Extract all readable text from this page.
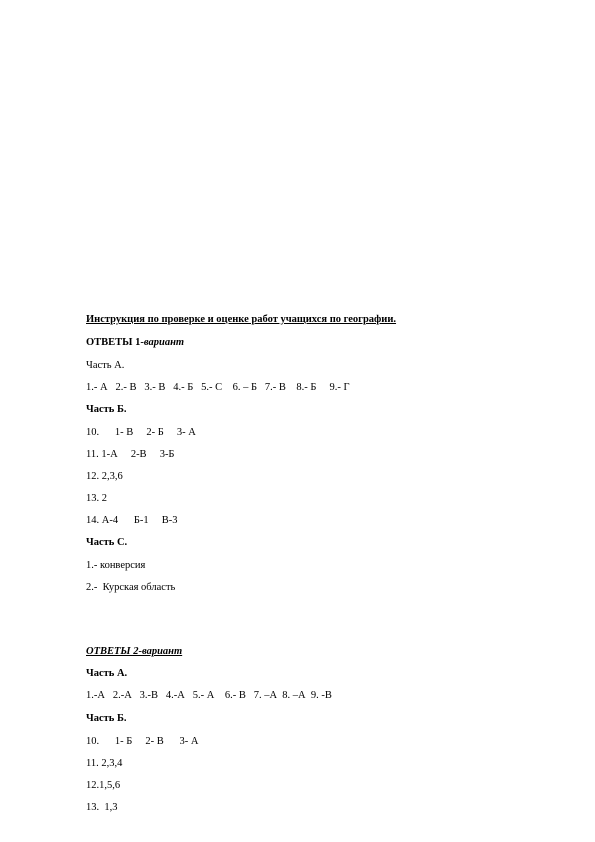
Инструкция по проверке и оценке работ учащихся по географии.
ОТВЕТЫ 1-вариант
Часть А.
1.- А   2.- В   3.- В   4.- Б   5.- С    6. – Б   7.- В    8.- Б     9.- Г
Часть Б.
10.      1- В     2- Б     3- А
11. 1-А     2-В     3-Б
12. 2,3,6
13. 2
14. А-4      Б-1     В-3
Часть С.
1.- конверсия
2.-  Курская область
ОТВЕТЫ 2-вариант
Часть А.
1.-А   2.-А   3.-В   4.-А   5.- А    6.- В   7. –А  8. –А  9. -В
Часть Б.
10.      1- Б     2- В      3- А
11. 2,3,4
12.1,5,6
13.  1,3
